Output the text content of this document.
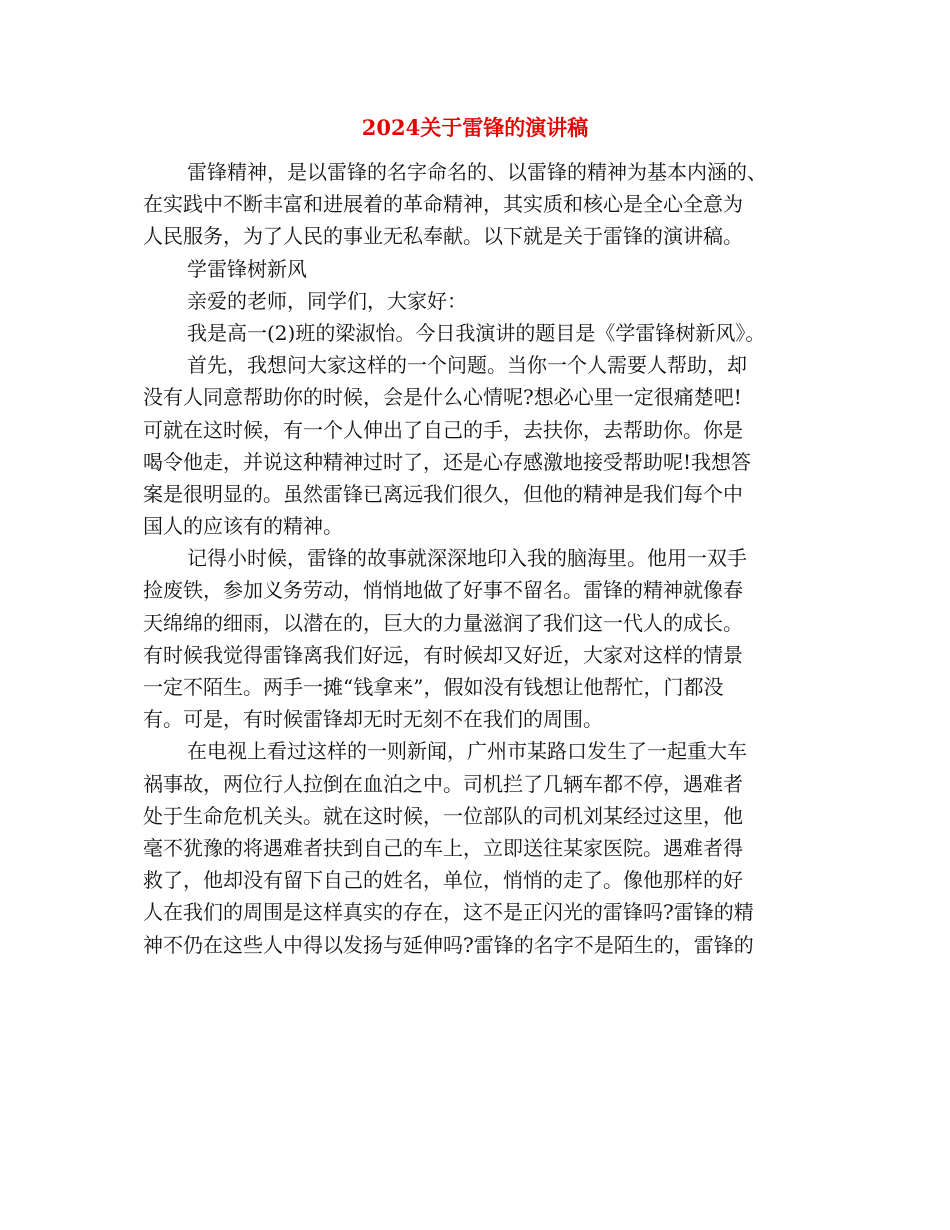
2024关于雷锋的演讲稿

雷锋精神，是以雷锋的名字命名的、以雷锋的精神为基本内涵的、
在实践中不断丰富和进展着的革命精神，其实质和核心是全心全意为
人民服务，为了人民的事业无私奉献。以下就是关于雷锋的演讲稿。

学雷锋树新风

亲爱的老师，同学们，大家好：

我是高一(2)班的梁淑怡。今日我演讲的题目是《学雷锋树新风》。

首先，我想问大家这样的一个问题。当你一个人需要人帮助，却
没有人同意帮助你的时候，会是什么心情呢?想必心里一定很痛楚吧!
可就在这时候，有一个人伸出了自己的手，去扶你，去帮助你。你是
喝令他走，并说这种精神过时了，还是心存感激地接受帮助呢!我想答
案是很明显的。虽然雷锋已离远我们很久，但他的精神是我们每个中
国人的应该有的精神。

记得小时候，雷锋的故事就深深地印入我的脑海里。他用一双手
捡废铁，参加义务劳动，悄悄地做了好事不留名。雷锋的精神就像春
天绵绵的细雨，以潜在的，巨大的力量滋润了我们这一代人的成长。
有时候我觉得雷锋离我们好远，有时候却又好近，大家对这样的情景
一定不陌生。两手一摊“钱拿来”，假如没有钱想让他帮忙，门都没
有。可是，有时候雷锋却无时无刻不在我们的周围。

在电视上看过这样的一则新闻，广州市某路口发生了一起重大车
祸事故，两位行人拉倒在血泊之中。司机拦了几辆车都不停，遇难者
处于生命危机关头。就在这时候，一位部队的司机刘某经过这里，他
毫不犹豫的将遇难者扶到自己的车上，立即送往某家医院。遇难者得
救了，他却没有留下自己的姓名，单位，悄悄的走了。像他那样的好
人在我们的周围是这样真实的存在，这不是正闪光的雷锋吗?雷锋的精
神不仍在这些人中得以发扬与延伸吗?雷锋的名字不是陌生的，雷锋的
